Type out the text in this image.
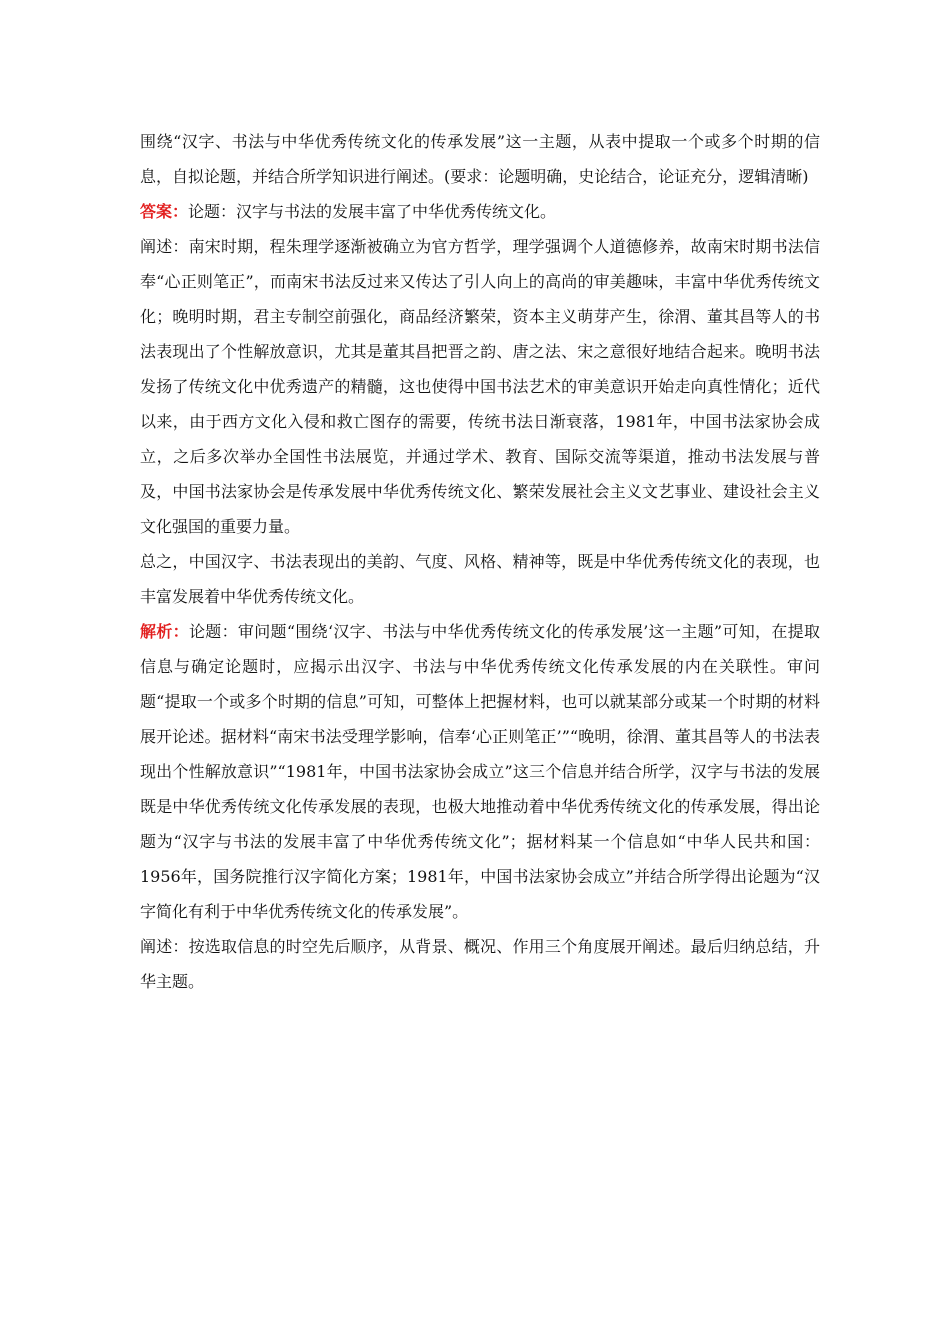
围绕“汉字、书法与中华优秀传统文化的传承发展”这一主题，从表中提取一个或多个时期的信息，自拟论题，并结合所学知识进行阐述。(要求：论题明确，史论结合，论证充分，逻辑清晰)

答案：论题：汉字与书法的发展丰富了中华优秀传统文化。

阐述：南宋时期，程朱理学逐渐被确立为官方哲学，理学强调个人道德修养，故南宋时期书法信奉“心正则笔正”，而南宋书法反过来又传达了引人向上的高尚的审美趣味，丰富中华优秀传统文化；晚明时期，君主专制空前强化，商品经济繁荣，资本主义萌芽产生，徐渭、董其昌等人的书法表现出了个性解放意识，尤其是董其昌把晋之韵、唐之法、宋之意很好地结合起来。晚明书法发扬了传统文化中优秀遗产的精髓，这也使得中国书法艺术的审美意识开始走向真性情化；近代以来，由于西方文化入侵和救亡图存的需要，传统书法日渐衰落，1981年，中国书法家协会成立，之后多次举办全国性书法展览，并通过学术、教育、国际交流等渠道，推动书法发展与普及，中国书法家协会是传承发展中华优秀传统文化、繁荣发展社会主义文艺事业、建设社会主义文化强国的重要力量。

总之，中国汉字、书法表现出的美韵、气度、风格、精神等，既是中华优秀传统文化的表现，也丰富发展着中华优秀传统文化。

解析：论题：审问题“围绕‘汉字、书法与中华优秀传统文化的传承发展’这一主题”可知，在提取信息与确定论题时，应揭示出汉字、书法与中华优秀传统文化传承发展的内在关联性。审问题“提取一个或多个时期的信息”可知，可整体上把握材料，也可以就某部分或某一个时期的材料展开论述。据材料“南宋书法受理学影响，信奉‘心正则笔正’”“晚明，徐渭、董其昌等人的书法表现出个性解放意识”“1981年，中国书法家协会成立”这三个信息并结合所学，汉字与书法的发展既是中华优秀传统文化传承发展的表现，也极大地推动着中华优秀传统文化的传承发展，得出论题为“汉字与书法的发展丰富了中华优秀传统文化”；据材料某一个信息如“中华人民共和国：1956年，国务院推行汉字简化方案；1981年，中国书法家协会成立”并结合所学得出论题为“汉字简化有利于中华优秀传统文化的传承发展”。

阐述：按选取信息的时空先后顺序，从背景、概况、作用三个角度展开阐述。最后归纳总结，升华主题。
